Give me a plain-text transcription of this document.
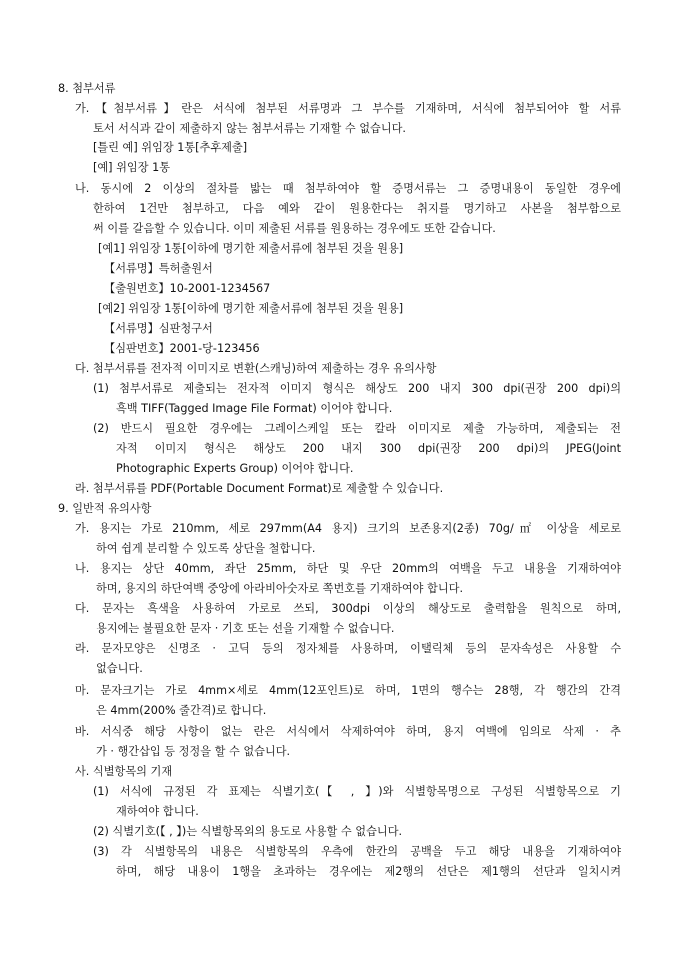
8. 첨부서류
가.【첨부서류】란은 서식에 첨부된 서류명과 그 부수를 기재하며, 서식에 첨부되어야 할 서류
토서 서식과 같이 제출하지 않는 첨부서류는 기재할 수 없습니다.
[틀린 예] 위임장 1통[추후제출]
[예] 위임장 1통
나. 동시에 2 이상의 절차를 밟는 때 첨부하여야 할 증명서류는 그 증명내용이 동일한 경우에
한하여 1건만 첨부하고, 다음 예와 같이 원용한다는 취지를 명기하고 사본을 첨부함으로
써 이를 갈음할 수 있습니다. 이미 제출된 서류를 원용하는 경우에도 또한 같습니다.
[예1] 위임장 1통[이하에 명기한 제출서류에 첨부된 것을 원용]
【서류명】특허출원서
【출원번호】10-2001-1234567
[예2] 위임장 1통[이하에 명기한 제출서류에 첨부된 것을 원용]
【서류명】심판청구서
【심판번호】2001-당-123456
다. 첨부서류를 전자적 이미지로 변환(스캐닝)하여 제출하는 경우 유의사항
(1) 첨부서류로 제출되는 전자적 이미지 형식은 해상도 200 내지 300 dpi(권장 200 dpi)의
흑백 TIFF(Tagged Image File Format) 이어야 합니다.
(2) 반드시 필요한 경우에는 그레이스케일 또는 칼라 이미지로 제출 가능하며, 제출되는 전
자적 이미지 형식은 해상도 200 내지 300 dpi(권장 200 dpi)의 JPEG(Joint
Photographic Experts Group) 이어야 합니다.
라. 첨부서류를 PDF(Portable Document Format)로 제출할 수 있습니다.
9. 일반적 유의사항
가. 용지는 가로 210mm, 세로 297mm(A4 용지) 크기의 보존용지(2종) 70g/㎡ 이상을 세로로
하여 쉽게 분리할 수 있도록 상단을 철합니다.
나. 용지는 상단 40mm, 좌단 25mm, 하단 및 우단 20mm의 여백을 두고 내용을 기재하여야
하며, 용지의 하단여백 중앙에 아라비아숫자로 쪽번호를 기재하여야 합니다.
다. 문자는 흑색을 사용하여 가로로 쓰되, 300dpi 이상의 해상도로 출력함을 원칙으로 하며,
용지에는 불필요한 문자 · 기호 또는 선을 기재할 수 없습니다.
라. 문자모양은 신명조 · 고딕 등의 정자체를 사용하며, 이탤릭체 등의 문자속성은 사용할 수
없습니다.
마. 문자크기는 가로 4mm×세로 4mm(12포인트)로 하며, 1면의 행수는 28행, 각 행간의 간격
은 4mm(200% 줄간격)로 합니다.
바. 서식중 해당 사항이 없는 란은 서식에서 삭제하여야 하며, 용지 여백에 임의로 삭제 · 추
가 · 행간삽입 등 정정을 할 수 없습니다.
사. 식별항목의 기재
(1) 서식에 규정된 각 표제는 식별기호(【 , 】)와 식별항목명으로 구성된 식별항목으로 기
재하여야 합니다.
(2) 식별기호(【 , 】)는 식별항목외의 용도로 사용할 수 없습니다.
(3) 각 식별항목의 내용은 식별항목의 우측에 한칸의 공백을 두고 해당 내용을 기재하여야
하며, 해당 내용이 1행을 초과하는 경우에는 제2행의 선단은 제1행의 선단과 일치시켜
